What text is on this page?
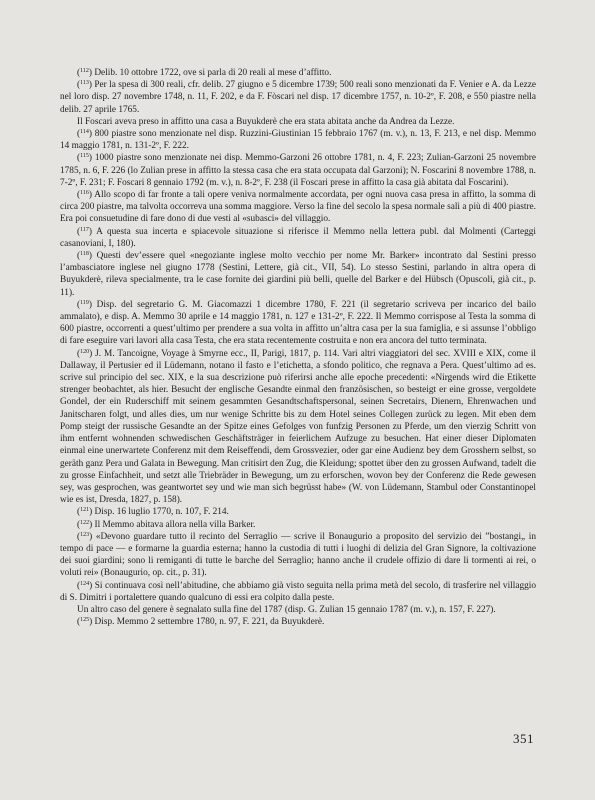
($^{112}$) Delib. 10 ottobre 1722, ove si parla di 20 reali al mese d’affitto.

($^{113}$) Per la spesa di 300 reali, cfr. delib. 27 giugno e 5 dicembre 1739; 500 reali sono menzionati da F. Venier e A. da Lezze nel loro disp. 27 novembre 1748, n. 11, F. 202, e da F. Fòscari nel disp. 17 dicembre 1757, n. 10-2º, F. 208, e 550 piastre nella delib. 27 aprile 1765.

Il Foscari aveva preso in affitto una casa a Buyukderè che era stata abitata anche da Andrea da Lezze.

($^{114}$) 800 piastre sono menzionate nel disp. Ruzzini-Giustinian 15 febbraio 1767 (m. v.), n. 13, F. 213, e nel disp. Memmo 14 maggio 1781, n. 131-2º, F. 222.

($^{115}$) 1000 piastre sono menzionate nei disp. Memmo-Garzoni 26 ottobre 1781, n. 4, F. 223; Zulian-Garzoni 25 novembre 1785, n. 6, F. 226 (lo Zulian prese in affitto la stessa casa che era stata occupata dal Garzoni); N. Foscarini 8 novembre 1788, n. 7-2º, F. 231; F. Foscari 8 gennaio 1792 (m. v.), n. 8-2º, F. 238 (il Foscari prese in affitto la casa già abitata dal Foscarini).

($^{116}$) Allo scopo di far fronte a tali opere veniva normalmente accordata, per ogni nuova casa presa in affitto, la somma di circa 200 piastre, ma talvolta occorreva una somma maggiore. Verso la fine del secolo la spesa normale salì a più di 400 piastre. Era poi consuetudine di fare dono di due vesti al «subasci» del villaggio.

($^{117}$) A questa sua incerta e spiacevole situazione si riferisce il Memmo nella lettera publ. dal Molmenti (Carteggi casanoviani, I, 180).

($^{118}$) Questi dev’essere quel «negoziante inglese molto vecchio per nome Mr. Barker» incontrato dal Sestini presso l’ambasciatore inglese nel giugno 1778 (Sestini, Lettere, già cit., VII, 54). Lo stesso Sestini, parlando in altra opera di Buyukderè, rileva specialmente, tra le case fornite dei giardini più belli, quelle del Barker e del Hübsch (Opuscoli, già cit., p. 11).

($^{119}$) Disp. del segretario G. M. Giacomazzi 1 dicembre 1780, F. 221 (il segretario scriveva per incarico del bailo ammalato), e disp. A. Memmo 30 aprile e 14 maggio 1781, n. 127 e 131-2º, F. 222. Il Memmo corrispose al Testa la somma di 600 piastre, occorrenti a quest’ultimo per prendere a sua volta in affitto un’altra casa per la sua famiglia, e si assunse l’obbligo di fare eseguire vari lavori alla casa Testa, che era stata recentemente costruita e non era ancora del tutto terminata.

($^{120}$) J. M. Tancoigne, Voyage à Smyrne ecc., II, Parigi, 1817, p. 114. Vari altri viaggiatori del sec. XVIII e XIX, come il Dallaway, il Pertusier ed il Lüdemann, notano il fasto e l’etichetta, a sfondo politico, che regnava a Pera. Quest’ultimo ad es. scrive sul principio del sec. XIX, e la sua descrizione può riferirsi anche alle epoche precedenti: «Nirgends wird die Etikette strenger beobachtet, als hier. Besucht der englische Gesandte einmal den französischen, so besteigt er eine grosse, vergoldete Gondel, der ein Ruderschiff mit seinem gesammten Gesandtschaftspersonal, seinen Secretairs, Dienern, Ehrenwachen und Janitscharen folgt, und alles dies, um nur wenige Schritte bis zu dem Hotel seines Collegen zurück zu legen. Mit eben dem Pomp steigt der russische Gesandte an der Spitze eines Gefolges von funfzig Personen zu Pferde, um den vierzig Schritt von ihm entfernt wohnenden schwedischen Geschäftsträger in feierlichem Aufzuge zu besuchen. Hat einer dieser Diplomaten einmal eine unerwartete Conferenz mit dem Reiseffendi, dem Grossvezier, oder gar eine Audienz bey dem Grosshern selbst, so geräth ganz Pera und Galata in Bewegung. Man critisirt den Zug, die Kleidung; spottet über den zu grossen Aufwand, tadelt die zu grosse Einfachheit, und setzt alle Triebräder in Bewegung, um zu erforschen, wovon bey der Conferenz die Rede gewesen sey, was gesprochen, was geantwortet sey und wie man sich begrüsst habe» (W. von Lüdemann, Stambul oder Constantinopel wie es ist, Dresda, 1827, p. 158).

($^{121}$) Disp. 16 luglio 1770, n. 107, F. 214.

($^{122}$) Il Memmo abitava allora nella villa Barker.

($^{123}$) «Devono guardare tutto il recinto del Serraglio — scrive il Bonaugurio a proposito del servizio dei ”bostangi„ in tempo di pace — e formarne la guardia esterna; hanno la custodia di tutti i luoghi di delizia del Gran Signore, la coltivazione dei suoi giardini; sono li remiganti di tutte le barche del Serraglio; hanno anche il crudele offizio di dare li tormenti ai rei, o voluti rei» (Bonaugurio, op. cit., p. 31).

($^{124}$) Si continuava così nell’abitudine, che abbiamo già visto seguita nella prima metà del secolo, di trasferire nel villaggio di S. Dimitri i portalettere quando qualcuno di essi era colpito dalla peste.

Un altro caso del genere è segnalato sulla fine del 1787 (disp. G. Zulian 15 gennaio 1787 (m. v.), n. 157, F. 227).

($^{125}$) Disp. Memmo 2 settembre 1780, n. 97, F. 221, da Buyukderè.

351
